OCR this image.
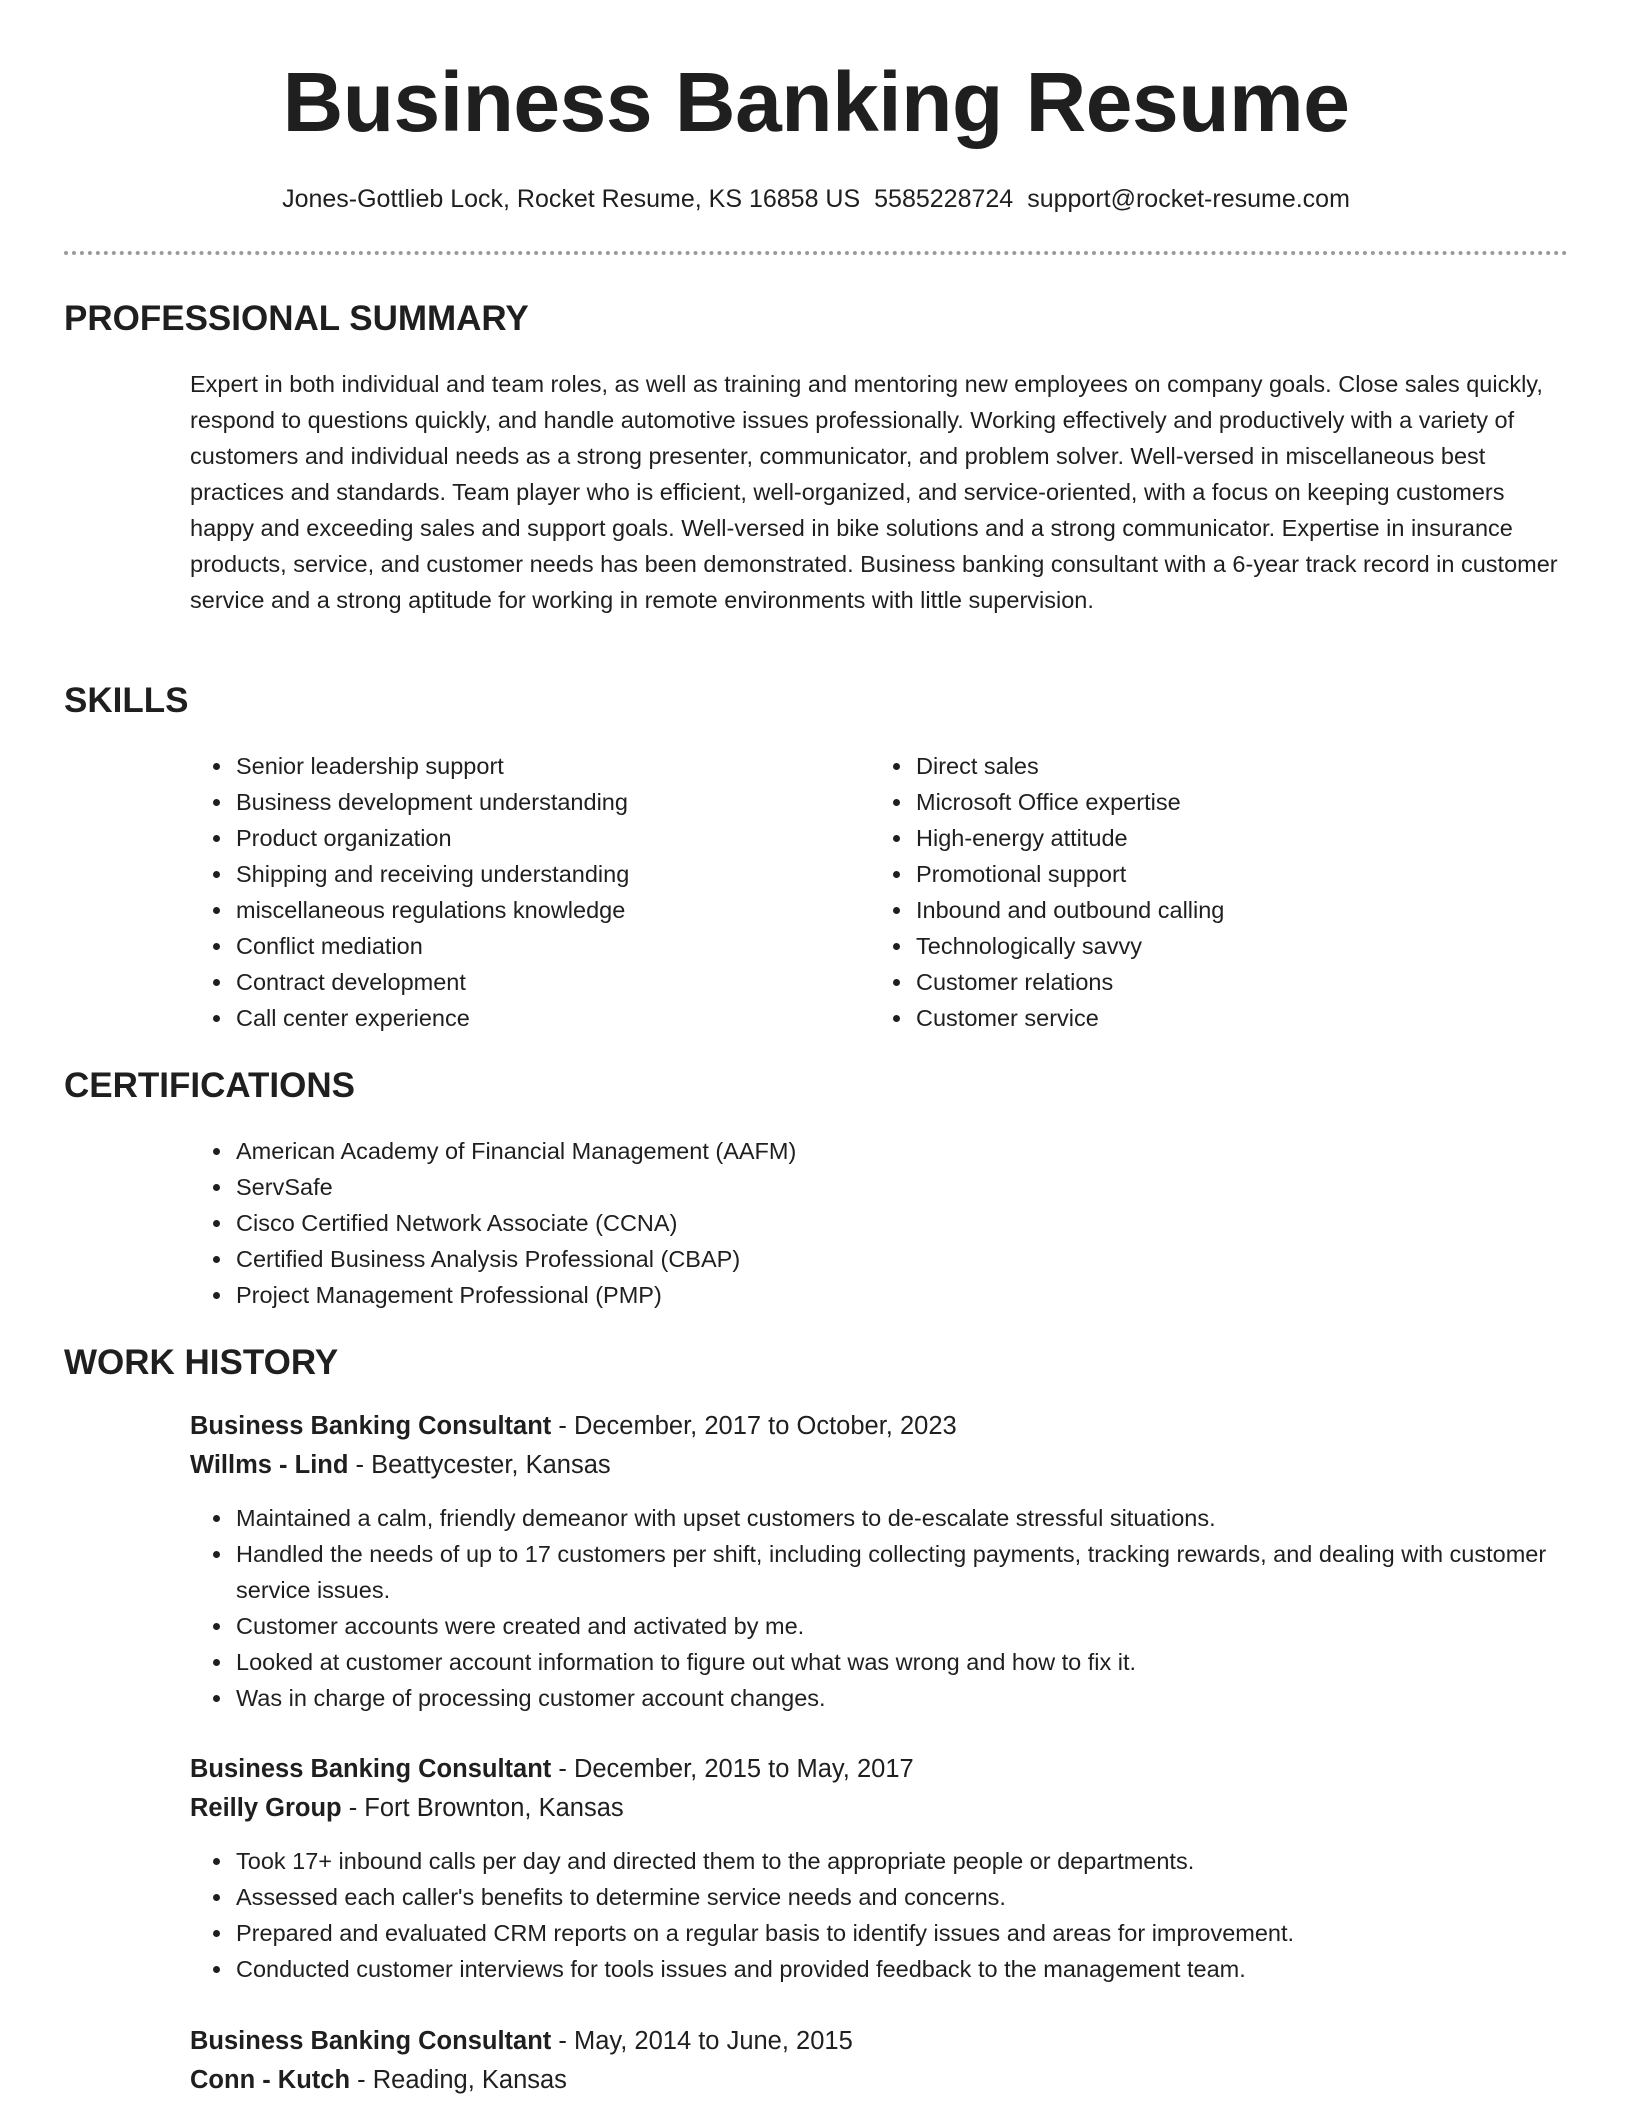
Business Banking Resume
Jones-Gottlieb Lock, Rocket Resume, KS 16858 US 5585228724 support@rocket-resume.com
PROFESSIONAL SUMMARY

Expert in both individual and team roles, as well as training and mentoring new employees on company goals. Close sales quickly, respond to questions quickly, and handle automotive issues professionally. Working effectively and productively with a variety of customers and individual needs as a strong presenter, communicator, and problem solver. Well-versed in miscellaneous best practices and standards. Team player who is efficient, well-organized, and service-oriented, with a focus on keeping customers happy and exceeding sales and support goals. Well-versed in bike solutions and a strong communicator. Expertise in insurance products, service, and customer needs has been demonstrated. Business banking consultant with a 6-year track record in customer service and a strong aptitude for working in remote environments with little supervision.

SKILLS
• Senior leadership support
• Business development understanding
• Product organization
• Shipping and receiving understanding
• miscellaneous regulations knowledge
• Conflict mediation
• Contract development
• Call center experience
• Direct sales
• Microsoft Office expertise
• High-energy attitude
• Promotional support
• Inbound and outbound calling
• Technologically savvy
• Customer relations
• Customer service
CERTIFICATIONS
• American Academy of Financial Management (AAFM)
• ServSafe
• Cisco Certified Network Associate (CCNA)
• Certified Business Analysis Professional (CBAP)
• Project Management Professional (PMP)
WORK HISTORY
Business Banking Consultant - December, 2017 to October, 2023
Willms - Lind - Beattycester, Kansas
• Maintained a calm, friendly demeanor with upset customers to de-escalate stressful situations.
• Handled the needs of up to 17 customers per shift, including collecting payments, tracking rewards, and dealing with customer service issues.
• Customer accounts were created and activated by me.
• Looked at customer account information to figure out what was wrong and how to fix it.
• Was in charge of processing customer account changes.
Business Banking Consultant - December, 2015 to May, 2017
Reilly Group - Fort Brownton, Kansas
• Took 17+ inbound calls per day and directed them to the appropriate people or departments.
• Assessed each caller's benefits to determine service needs and concerns.
• Prepared and evaluated CRM reports on a regular basis to identify issues and areas for improvement.
• Conducted customer interviews for tools issues and provided feedback to the management team.
Business Banking Consultant - May, 2014 to June, 2015
Conn - Kutch - Reading, Kansas
